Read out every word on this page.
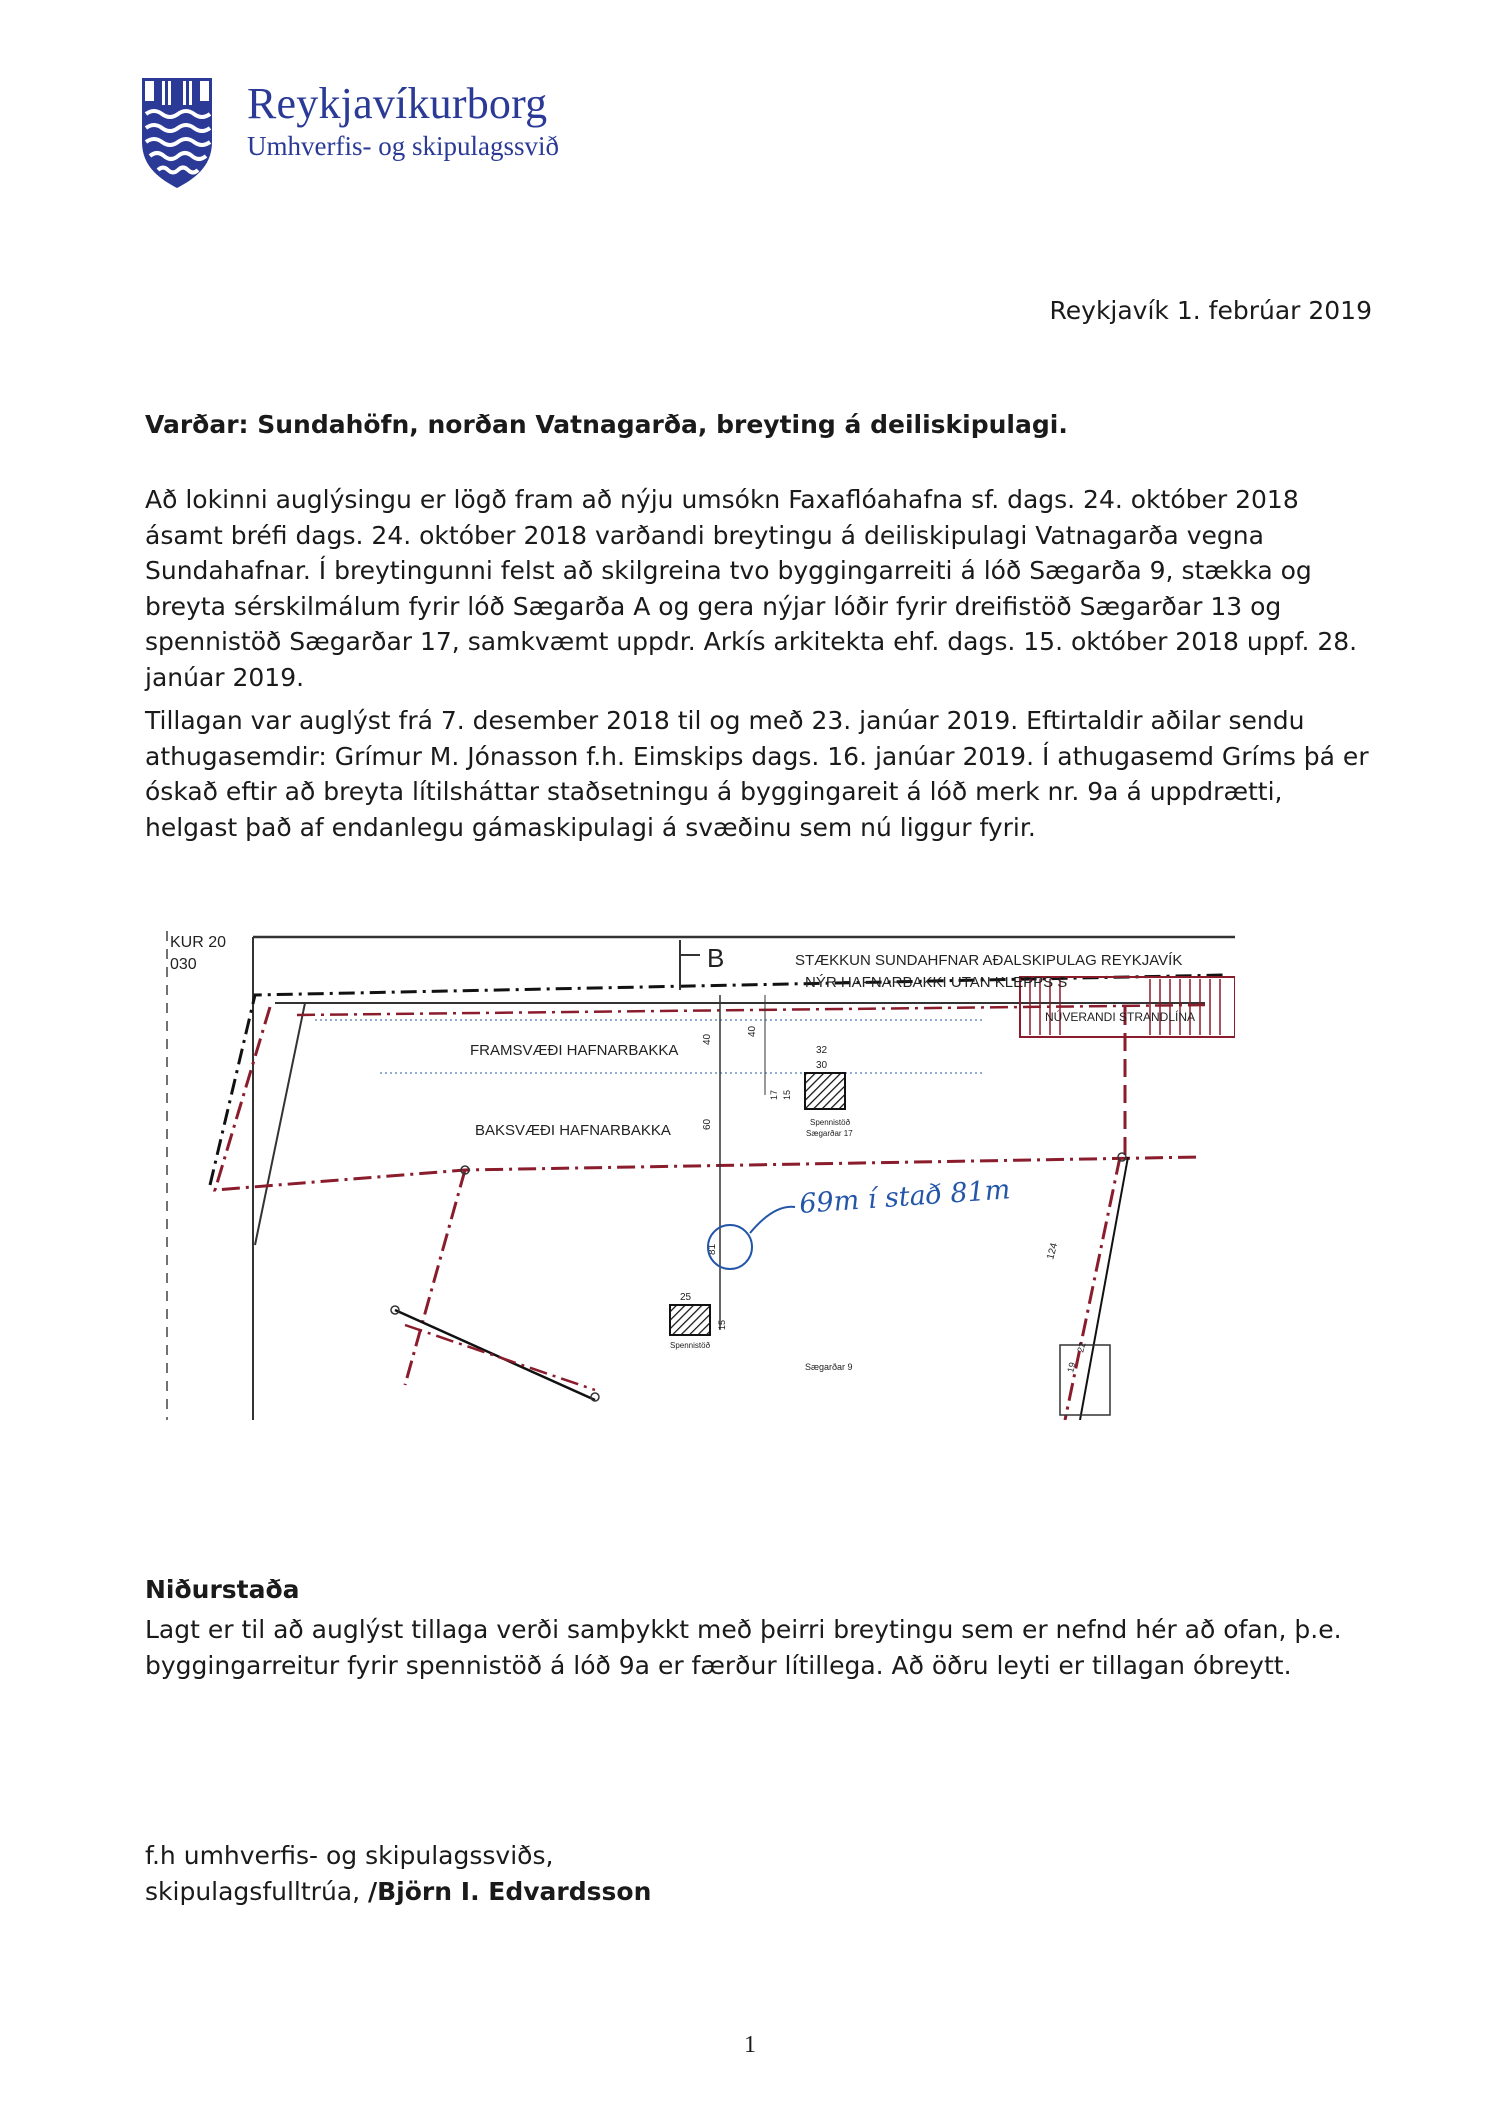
Reykjavíkurborg
Umhverfis- og skipulagssvið
Reykjavík 1. febrúar 2019
Varðar: Sundahöfn, norðan Vatnagarða, breyting á deiliskipulagi.

Að lokinni auglýsingu er lögð fram að nýju umsókn Faxaflóahafna sf. dags. 24. október 2018 ásamt bréfi dags. 24. október 2018 varðandi breytingu á deiliskipulagi Vatnagarða vegna Sundahafnar. Í breytingunni felst að skilgreina tvo byggingarreiti á lóð Sægarða 9, stækka og breyta sérskilmálum fyrir lóð Sægarða A og gera nýjar lóðir fyrir dreifistöð Sægarðar 13 og spennistöð Sægarðar 17, samkvæmt uppdr. Arkís arkitekta ehf. dags. 15. október 2018 uppf. 28. janúar 2019.

Tillagan var auglýst frá 7. desember 2018 til og með 23. janúar 2019. Eftirtaldir aðilar sendu athugasemdir: Grímur M. Jónasson f.h. Eimskips dags. 16. janúar 2019. Í athugasemd Gríms þá er óskað eftir að breyta lítilsháttar staðsetningu á byggingareit á lóð merk nr. 9a á uppdrætti, helgast það af endanlegu gámaskipulagi á svæðinu sem nú liggur fyrir.

KUR 20
030
NÚVERANDI STRANDLÍNA
B	STÆKKUN SUNDAHFNAR AÐALSKIPULAG REYKJAVÍK
NÝR HAFNARBAKKI UTAN KLEPPS S
FRAMSVÆÐI HAFNARBAKKA
BAKSVÆÐI HAFNARBAKKA
40
40
60
81
32
30
17 15
Spennistöð
Sægarðar 17
69m í stað 81m
25
15
Spennistöð
Sægarðar 9
124
22
19
Niðurstaða

Lagt er til að auglýst tillaga verði samþykkt með þeirri breytingu sem er nefnd hér að ofan, þ.e. byggingarreitur fyrir spennistöð á lóð 9a er færður lítillega. Að öðru leyti er tillagan óbreytt.

f.h umhverfis- og skipulagssviðs,
skipulagsfulltrúa, /Björn I. Edvardsson
1
